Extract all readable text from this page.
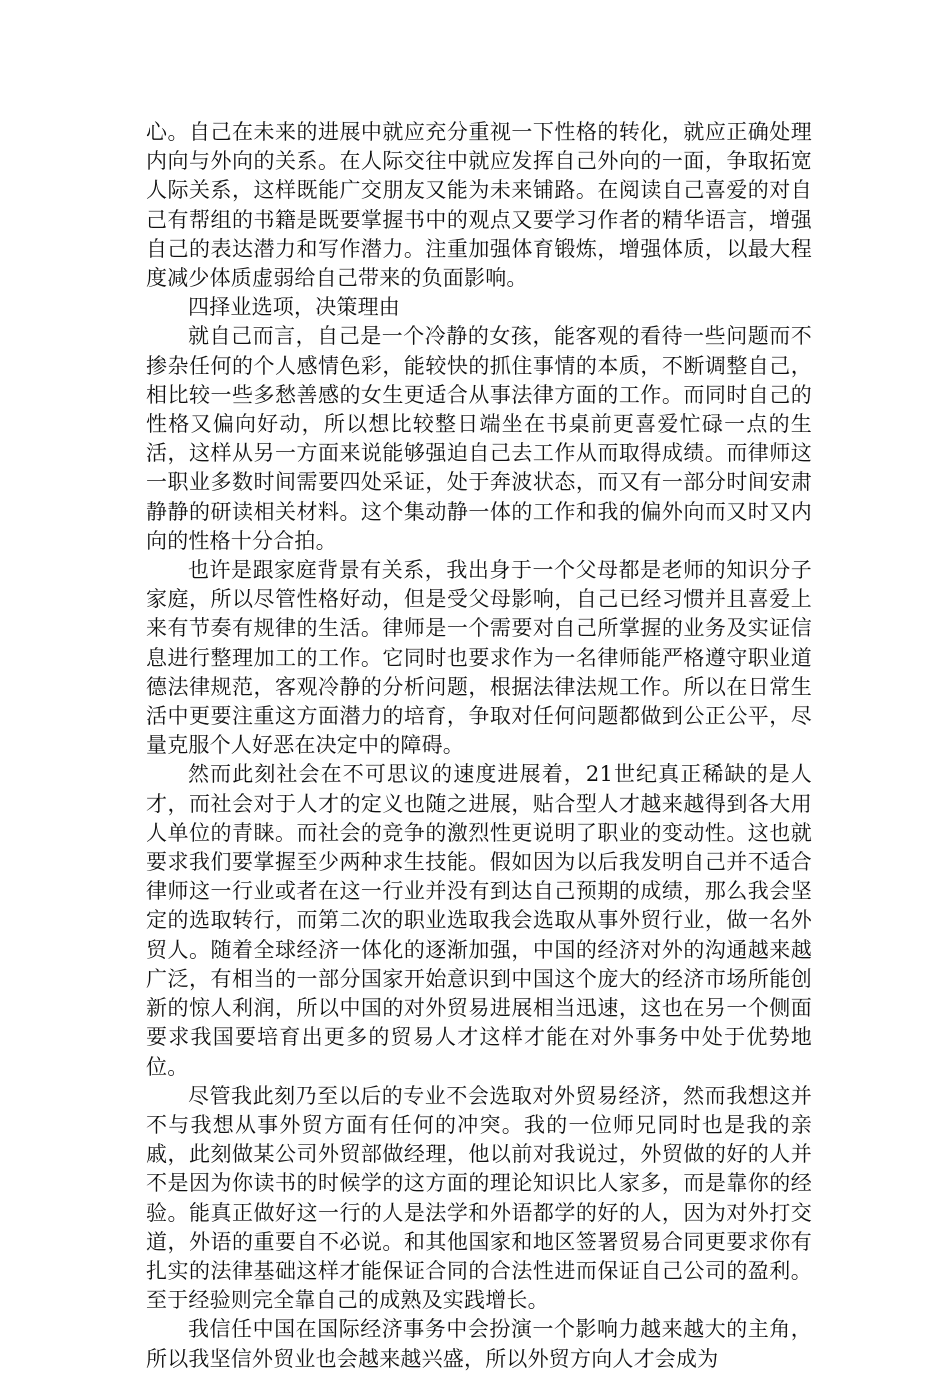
心。自己在未来的进展中就应充分重视一下性格的转化，就应正确处理内向与外向的关系。在人际交往中就应发挥自己外向的一面，争取拓宽人际关系，这样既能广交朋友又能为未来铺路。在阅读自己喜爱的对自己有帮组的书籍是既要掌握书中的观点又要学习作者的精华语言，增强自己的表达潜力和写作潜力。注重加强体育锻炼，增强体质，以最大程度减少体质虚弱给自己带来的负面影响。

四择业选项，决策理由

就自己而言，自己是一个冷静的女孩，能客观的看待一些问题而不掺杂任何的个人感情色彩，能较快的抓住事情的本质，不断调整自己，相比较一些多愁善感的女生更适合从事法律方面的工作。而同时自己的性格又偏向好动，所以想比较整日端坐在书桌前更喜爱忙碌一点的生活，这样从另一方面来说能够强迫自己去工作从而取得成绩。而律师这一职业多数时间需要四处采证，处于奔波状态，而又有一部分时间安肃静静的研读相关材料。这个集动静一体的工作和我的偏外向而又时又内向的性格十分合拍。

也许是跟家庭背景有关系，我出身于一个父母都是老师的知识分子家庭，所以尽管性格好动，但是受父母影响，自己已经习惯并且喜爱上来有节奏有规律的生活。律师是一个需要对自己所掌握的业务及实证信息进行整理加工的工作。它同时也要求作为一名律师能严格遵守职业道德法律规范，客观冷静的分析问题，根据法律法规工作。所以在日常生活中更要注重这方面潜力的培育，争取对任何问题都做到公正公平，尽量克服个人好恶在决定中的障碍。

然而此刻社会在不可思议的速度进展着，21世纪真正稀缺的是人才，而社会对于人才的定义也随之进展，贴合型人才越来越得到各大用人单位的青睐。而社会的竞争的激烈性更说明了职业的变动性。这也就要求我们要掌握至少两种求生技能。假如因为以后我发明自己并不适合律师这一行业或者在这一行业并没有到达自己预期的成绩，那么我会坚定的选取转行，而第二次的职业选取我会选取从事外贸行业，做一名外贸人。随着全球经济一体化的逐渐加强，中国的经济对外的沟通越来越广泛，有相当的一部分国家开始意识到中国这个庞大的经济市场所能创新的惊人利润，所以中国的对外贸易进展相当迅速，这也在另一个侧面要求我国要培育出更多的贸易人才这样才能在对外事务中处于优势地位。

尽管我此刻乃至以后的专业不会选取对外贸易经济，然而我想这并不与我想从事外贸方面有任何的冲突。我的一位师兄同时也是我的亲戚，此刻做某公司外贸部做经理，他以前对我说过，外贸做的好的人并不是因为你读书的时候学的这方面的理论知识比人家多，而是靠你的经验。能真正做好这一行的人是法学和外语都学的好的人，因为对外打交道，外语的重要自不必说。和其他国家和地区签署贸易合同更要求你有扎实的法律基础这样才能保证合同的合法性进而保证自己公司的盈利。至于经验则完全靠自己的成熟及实践增长。

我信任中国在国际经济事务中会扮演一个影响力越来越大的主角，所以我坚信外贸业也会越来越兴盛，所以外贸方向人才会成为
